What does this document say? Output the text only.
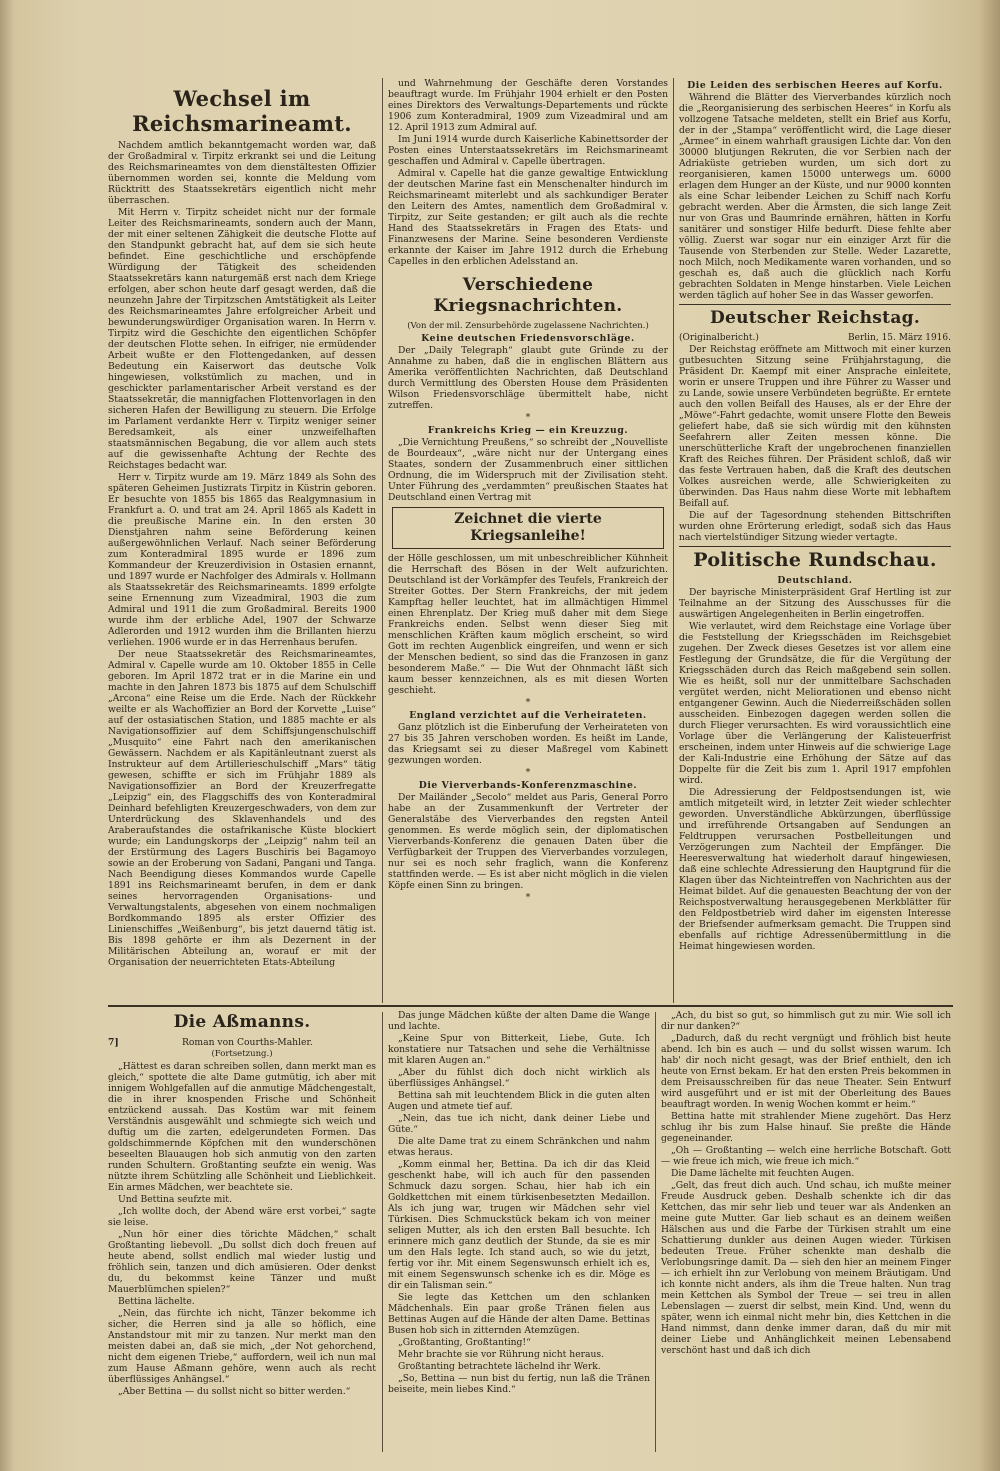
Wechsel im Reichsmarineamt.

Nachdem amtlich bekanntgemacht worden war, daß der Großadmiral v. Tirpitz erkrankt sei und die Leitung des Reichsmarineamtes von dem dienstältesten Offizier übernommen worden sei, konnte die Meldung vom Rücktritt des Staatssekretärs eigentlich nicht mehr überraschen.

Mit Herrn v. Tirpitz scheidet nicht nur der formale Leiter des Reichsmarineamts, sondern auch der Mann, der mit einer seltenen Zähigkeit die deutsche Flotte auf den Standpunkt gebracht hat, auf dem sie sich heute befindet. Eine geschichtliche und erschöpfende Würdigung der Tätigkeit des scheidenden Staatssekretärs kann naturgemäß erst nach dem Kriege erfolgen, aber schon heute darf gesagt werden, daß die neunzehn Jahre der Tirpitzschen Amtstätigkeit als Leiter des Reichsmarineamtes Jahre erfolgreicher Arbeit und bewunderungswürdiger Organisation waren. In Herrn v. Tirpitz wird die Geschichte den eigentlichen Schöpfer der deutschen Flotte sehen. In eifriger, nie ermüdender Arbeit wußte er den Flottengedanken, auf dessen Bedeutung ein Kaiserwort das deutsche Volk hingewiesen, volkstümlich zu machen, und in geschickter parlamentarischer Arbeit verstand es der Staatssekretär, die mannigfachen Flottenvorlagen in den sicheren Hafen der Bewilligung zu steuern. Die Erfolge im Parlament verdankte Herr v. Tirpitz weniger seiner Beredsamkeit, als einer unzweifelhaften staatsmännischen Begabung, die vor allem auch stets auf die gewissenhafte Achtung der Rechte des Reichstages bedacht war.

Herr v. Tirpitz wurde am 19. März 1849 als Sohn des späteren Geheimen Justizrats Tirpitz in Küstrin geboren. Er besuchte von 1855 bis 1865 das Realgymnasium in Frankfurt a. O. und trat am 24. April 1865 als Kadett in die preußische Marine ein. In den ersten 30 Dienstjahren nahm seine Beförderung keinen außergewöhnlichen Verlauf. Nach seiner Beförderung zum Konteradmiral 1895 wurde er 1896 zum Kommandeur der Kreuzerdivision in Ostasien ernannt, und 1897 wurde er Nachfolger des Admirals v. Hollmann als Staatssekretär des Reichsmarineamts. 1899 erfolgte seine Ernennung zum Vizeadmiral, 1903 die zum Admiral und 1911 die zum Großadmiral. Bereits 1900 wurde ihm der erbliche Adel, 1907 der Schwarze Adlerorden und 1912 wurden ihm die Brillanten hierzu verliehen. 1906 wurde er in das Herrenhaus berufen.

Der neue Staatssekretär des Reichsmarineamtes, Admiral v. Capelle wurde am 10. Oktober 1855 in Celle geboren. Im April 1872 trat er in die Marine ein und machte in den Jahren 1873 bis 1875 auf dem Schulschiff „Arcona“ eine Reise um die Erde. Nach der Rückkehr weilte er als Wachoffizier an Bord der Korvette „Luise“ auf der ostasiatischen Station, und 1885 machte er als Navigationsoffizier auf dem Schiffsjungenschulschiff „Musquito“ eine Fahrt nach den amerikanischen Gewässern. Nachdem er als Kapitänleutnant zuerst als Instrukteur auf dem Artillerieschulschiff „Mars“ tätig gewesen, schiffte er sich im Frühjahr 1889 als Navigationsoffizier an Bord der Kreuzerfregatte „Leipzig“ ein, des Flaggschiffs des von Konteradmiral Deinhard befehligten Kreuzergeschwaders, von dem zur Unterdrückung des Sklavenhandels und des Araberaufstandes die ostafrikanische Küste blockiert wurde; ein Landungskorps der „Leipzig“ nahm teil an der Erstürmung des Lagers Buschiris bei Bagamoyo sowie an der Eroberung von Sadani, Pangani und Tanga. Nach Beendigung dieses Kommandos wurde Capelle 1891 ins Reichsmarineamt berufen, in dem er dank seines hervorragenden Organisations- und Verwaltungstalents, abgesehen von einem nochmaligen Bordkommando 1895 als erster Offizier des Linienschiffes „Weißenburg“, bis jetzt dauernd tätig ist. Bis 1898 gehörte er ihm als Dezernent in der Militärischen Abteilung an, worauf er mit der Organisation der neuerrichteten Etats-Abteilung

und Wahrnehmung der Geschäfte deren Vorstandes beauftragt wurde. Im Frühjahr 1904 erhielt er den Posten eines Direktors des Verwaltungs-Departements und rückte 1906 zum Konteradmiral, 1909 zum Vizeadmiral und am 12. April 1913 zum Admiral auf.

Im Juni 1914 wurde durch Kaiserliche Kabinettsorder der Posten eines Unterstaatssekretärs im Reichsmarineamt geschaffen und Admiral v. Capelle übertragen.

Admiral v. Capelle hat die ganze gewaltige Entwicklung der deutschen Marine fast ein Menschenalter hindurch im Reichsmarineamt miterlebt und als sachkundiger Berater den Leitern des Amtes, namentlich dem Großadmiral v. Tirpitz, zur Seite gestanden; er gilt auch als die rechte Hand des Staatssekretärs in Fragen des Etats- und Finanzwesens der Marine. Seine besonderen Verdienste erkannte der Kaiser im Jahre 1912 durch die Erhebung Capelles in den erblichen Adelsstand an.

Verschiedene Kriegsnachrichten.
(Von der mil. Zensurbehörde zugelassene Nachrichten.)
Keine deutschen Friedensvorschläge.

Der „Daily Telegraph“ glaubt gute Gründe zu der Annahme zu haben, daß die in englischen Blättern aus Amerika veröffentlichten Nachrichten, daß Deutschland durch Vermittlung des Obersten House dem Präsidenten Wilson Friedensvorschläge übermittelt habe, nicht zutreffen.

*
Frankreichs Krieg — ein Kreuzzug.

„Die Vernichtung Preußens,“ so schreibt der „Nouvelliste de Bourdeaux“, „wäre nicht nur der Untergang eines Staates, sondern der Zusammenbruch einer sittlichen Ordnung, die im Widerspruch mit der Zivilisation steht. Unter Führung des „verdammten“ preußischen Staates hat Deutschland einen Vertrag mit

Zeichnet die vierte Kriegsanleihe!

der Hölle geschlossen, um mit unbeschreiblicher Kühnheit die Herrschaft des Bösen in der Welt aufzurichten. Deutschland ist der Vorkämpfer des Teufels, Frankreich der Streiter Gottes. Der Stern Frankreichs, der mit jedem Kampftag heller leuchtet, hat im allmächtigen Himmel einen Ehrenplatz. Der Krieg muß daher mit dem Siege Frankreichs enden. Selbst wenn dieser Sieg mit menschlichen Kräften kaum möglich erscheint, so wird Gott im rechten Augenblick eingreifen, und wenn er sich der Menschen bedient, so sind das die Franzosen in ganz besonderem Maße.“ — Die Wut der Ohnmacht läßt sich kaum besser kennzeichnen, als es mit diesen Worten geschieht.

*
England verzichtet auf die Verheirateten.

Ganz plötzlich ist die Einberufung der Verheirateten von 27 bis 35 Jahren verschoben worden. Es heißt im Lande, das Kriegsamt sei zu dieser Maßregel vom Kabinett gezwungen worden.

*
Die Vierverbands-Konferenzmaschine.

Der Mailänder „Secolo“ meldet aus Paris, General Porro habe an der Zusammenkunft der Vertreter der Generalstäbe des Vierverbandes den regsten Anteil genommen. Es werde möglich sein, der diplomatischen Vierverbands-Konferenz die genauen Daten über die Verfügbarkeit der Truppen des Vierverbandes vorzulegen, nur sei es noch sehr fraglich, wann die Konferenz stattfinden werde. — Es ist aber nicht möglich in die vielen Köpfe einen Sinn zu bringen.

*
Die Leiden des serbischen Heeres auf Korfu.

Während die Blätter des Vierverbandes kürzlich noch die „Reorganisierung des serbischen Heeres“ in Korfu als vollzogene Tatsache meldeten, stellt ein Brief aus Korfu, der in der „Stampa“ veröffentlicht wird, die Lage dieser „Armee“ in einem wahrhaft grausigen Lichte dar. Von den 30000 blutjungen Rekruten, die vor Serbien nach der Adriaküste getrieben wurden, um sich dort zu reorganisieren, kamen 15000 unterwegs um. 6000 erlagen dem Hunger an der Küste, und nur 9000 konnten als eine Schar leibender Leichen zu Schiff nach Korfu gebracht werden. Aber die Ärmsten, die sich lange Zeit nur von Gras und Baumrinde ernähren, hätten in Korfu sanitärer und sonstiger Hilfe bedurft. Diese fehlte aber völlig. Zuerst war sogar nur ein einziger Arzt für die Tausende von Sterbenden zur Stelle. Weder Lazarette, noch Milch, noch Medikamente waren vorhanden, und so geschah es, daß auch die glücklich nach Korfu gebrachten Soldaten in Menge hinstarben. Viele Leichen werden täglich auf hoher See in das Wasser geworfen.

Deutscher Reichstag.
(Originalbericht.)	Berlin, 15. März 1916.

Der Reichstag eröffnete am Mittwoch mit einer kurzen gutbesuchten Sitzung seine Frühjahrstagung, die Präsident Dr. Kaempf mit einer Ansprache einleitete, worin er unsere Truppen und ihre Führer zu Wasser und zu Lande, sowie unsere Verbündeten begrüßte. Er erntete auch den vollen Beifall des Hauses, als er der Ehre der „Möwe“-Fahrt gedachte, womit unsere Flotte den Beweis geliefert habe, daß sie sich würdig mit den kühnsten Seefahrern aller Zeiten messen könne. Die unerschütterliche Kraft der ungebrochenen finanziellen Kraft des Reiches führen. Der Präsident schloß, daß wir das feste Vertrauen haben, daß die Kraft des deutschen Volkes ausreichen werde, alle Schwierigkeiten zu überwinden. Das Haus nahm diese Worte mit lebhaftem Beifall auf.

Die auf der Tagesordnung stehenden Bittschriften wurden ohne Erörterung erledigt, sodaß sich das Haus nach viertelstündiger Sitzung wieder vertagte.

Politische Rundschau.
Deutschland.

Der bayrische Ministerpräsident Graf Hertling ist zur Teilnahme an der Sitzung des Ausschusses für die auswärtigen Angelegenheiten in Berlin eingetroffen.

Wie verlautet, wird dem Reichstage eine Vorlage über die Feststellung der Kriegsschäden im Reichsgebiet zugehen. Der Zweck dieses Gesetzes ist vor allem eine Festlegung der Grundsätze, die für die Vergütung der Kriegsschäden durch das Reich maßgebend sein sollen. Wie es heißt, soll nur der unmittelbare Sachschaden vergütet werden, nicht Meliorationen und ebenso nicht entgangener Gewinn. Auch die Niederreißschäden sollen ausscheiden. Einbezogen dagegen werden sollen die durch Flieger verursachten. Es wird voraussichtlich eine Vorlage über die Verlängerung der Kalisteuerfrist erscheinen, indem unter Hinweis auf die schwierige Lage der Kali-Industrie eine Erhöhung der Sätze auf das Doppelte für die Zeit bis zum 1. April 1917 empfohlen wird.

Die Adressierung der Feldpostsendungen ist, wie amtlich mitgeteilt wird, in letzter Zeit wieder schlechter geworden. Unverständliche Abkürzungen, überflüssige und irreführende Ortsangaben auf Sendungen an Feldtruppen verursachen Postbelleitungen und Verzögerungen zum Nachteil der Empfänger. Die Heeresverwaltung hat wiederholt darauf hingewiesen, daß eine schlechte Adressierung den Hauptgrund für die Klagen über das Nichteintreffen von Nachrichten aus der Heimat bildet. Auf die genauesten Beachtung der von der Reichspostverwaltung herausgegebenen Merkblätter für den Feldpostbetrieb wird daher im eigensten Interesse der Briefsender aufmerksam gemacht. Die Truppen sind ebenfalls auf richtige Adressenübermittlung in die Heimat hingewiesen worden.

Die Aßmanns.
7]	Roman von Courths-Mahler.
(Fortsetzung.)

„Hättest es daran schreiben sollen, dann merkt man es gleich,“ spottete die alte Dame gutmütig, ich aber mit innigem Wohlgefallen auf die anmutige Mädchengestalt, die in ihrer knospenden Frische und Schönheit entzückend aussah. Das Kostüm war mit feinem Verständnis ausgewählt und schmiegte sich weich und duftig um die zarten, edelgerundeten Formen. Das goldschimmernde Köpfchen mit den wunderschönen beseelten Blauaugen hob sich anmutig von den zarten runden Schultern. Großtanting seufzte ein wenig. Was nützte ihrem Schützling alle Schönheit und Lieblichkeit. Ein armes Mädchen, wer beachtete sie.

Und Bettina seufzte mit.

„Ich wollte doch, der Abend wäre erst vorbei,“ sagte sie leise.

„Nun hör einer dies törichte Mädchen,“ schalt Großtanting liebevoll. „Du sollst dich doch freuen auf heute abend, sollst endlich mal wieder lustig und fröhlich sein, tanzen und dich amüsieren. Oder denkst du, du bekommst keine Tänzer und mußt Mauerblümchen spielen?“

Bettina lächelte.

„Nein, das fürchte ich nicht, Tänzer bekomme ich sicher, die Herren sind ja alle so höflich, eine Anstandstour mit mir zu tanzen. Nur merkt man den meisten dabei an, daß sie mich, „der Not gehorchend, nicht dem eigenen Triebe,“ auffordern, weil ich nun mal zum Hause Aßmann gehöre, wenn auch als recht überflüssiges Anhängsel.“

„Aber Bettina — du sollst nicht so bitter werden.“

Das junge Mädchen küßte der alten Dame die Wange und lachte.

„Keine Spur von Bitterkeit, Liebe, Gute. Ich konstatiere nur Tatsachen und sehe die Verhältnisse mit klaren Augen an.“

„Aber du fühlst dich doch nicht wirklich als überflüssiges Anhängsel.“

Bettina sah mit leuchtendem Blick in die guten alten Augen und atmete tief auf.

„Nein, das tue ich nicht, dank deiner Liebe und Güte.“

Die alte Dame trat zu einem Schränkchen und nahm etwas heraus.

„Komm einmal her, Bettina. Da ich dir das Kleid geschenkt habe, will ich auch für den passenden Schmuck dazu sorgen. Schau, hier hab ich ein Goldkettchen mit einem türkisenbesetzten Medaillon. Als ich jung war, trugen wir Mädchen sehr viel Türkisen. Dies Schmuckstück bekam ich von meiner seligen Mutter, als ich den ersten Ball besuchte. Ich erinnere mich ganz deutlich der Stunde, da sie es mir um den Hals legte. Ich stand auch, so wie du jetzt, fertig vor ihr. Mit einem Segenswunsch erhielt ich es, mit einem Segenswunsch schenke ich es dir. Möge es dir ein Talisman sein.“

Sie legte das Kettchen um den schlanken Mädchenhals. Ein paar große Tränen fielen aus Bettinas Augen auf die Hände der alten Dame. Bettinas Busen hob sich in zitternden Atemzügen.

„Großtanting, Großtanting!“

Mehr brachte sie vor Rührung nicht heraus.

Großtanting betrachtete lächelnd ihr Werk.

„So, Bettina — nun bist du fertig, nun laß die Tränen beiseite, mein liebes Kind.“

„Ach, du bist so gut, so himmlisch gut zu mir. Wie soll ich dir nur danken?“

„Dadurch, daß du recht vergnügt und fröhlich bist heute abend. Ich bin es auch — und du sollst wissen warum. Ich hab' dir noch nicht gesagt, was der Brief enthielt, den ich heute von Ernst bekam. Er hat den ersten Preis bekommen in dem Preisausschreiben für das neue Theater. Sein Entwurf wird ausgeführt und er ist mit der Oberleitung des Baues beauftragt worden. In wenig Wochen kommt er heim.“

Bettina hatte mit strahlender Miene zugehört. Das Herz schlug ihr bis zum Halse hinauf. Sie preßte die Hände gegeneinander.

„Oh — Großtanting — welch eine herrliche Botschaft. Gott — wie freue ich mich, wie freue ich mich.“

Die Dame lächelte mit feuchten Augen.

„Gelt, das freut dich auch. Und schau, ich mußte meiner Freude Ausdruck geben. Deshalb schenkte ich dir das Kettchen, das mir sehr lieb und teuer war als Andenken an meine gute Mutter. Gar lieb schaut es an deinem weißen Hälschen aus und die Farbe der Türkisen strahlt um eine Schattierung dunkler aus deinen Augen wieder. Türkisen bedeuten Treue. Früher schenkte man deshalb die Verlobungsringe damit. Da — sieh den hier an meinem Finger — ich erhielt ihn zur Verlobung von meinem Bräutigam. Und ich konnte nicht anders, als ihm die Treue halten. Nun trag mein Kettchen als Symbol der Treue — sei treu in allen Lebenslagen — zuerst dir selbst, mein Kind. Und, wenn du später, wenn ich einmal nicht mehr bin, dies Kettchen in die Hand nimmst, dann denke immer daran, daß du mir mit deiner Liebe und Anhänglichkeit meinen Lebensabend verschönt hast und daß ich dich
